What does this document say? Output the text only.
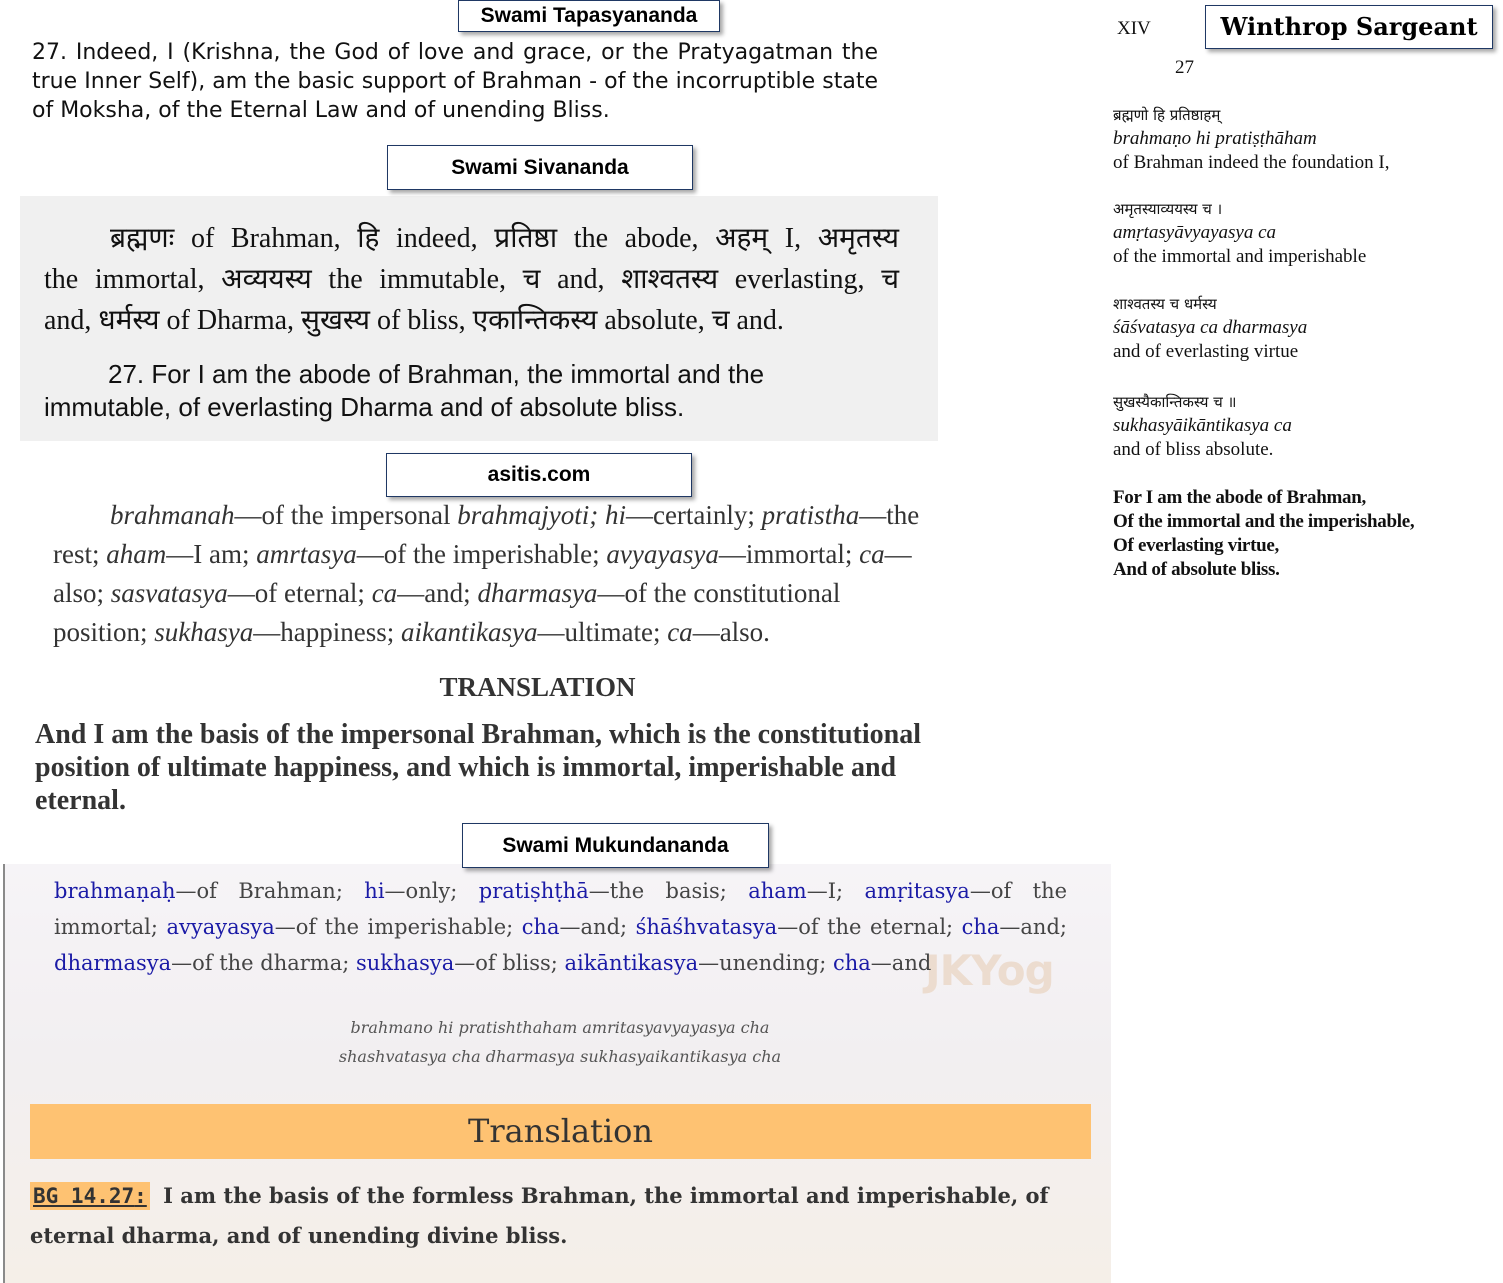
Swami Tapasyananda
27. Indeed, I (Krishna, the God of love and grace, or the Pratyagatman the true Inner Self), am the basic support of Brahman - of the incorruptible state of Moksha, of the Eternal Law and of unending Bliss.
Swami Sivananda
ब्रह्मणः of Brahman, हि indeed, प्रतिष्ठा the abode, अहम् I, अमृतस्य
the immortal, अव्ययस्य the immutable, च and, शाश्वतस्य everlasting, च
and, धर्मस्य of Dharma, सुखस्य of bliss, एकान्तिकस्य absolute, च and.
27. For I am the abode of Brahman, the immortal and the
immutable, of everlasting Dharma and of absolute bliss.
asitis.com
brahmanah—of the impersonal brahmajyoti; hi—certainly; pratistha—the
rest; aham—I am; amrtasya—of the imperishable; avyayasya—immortal; ca—
also; sasvatasya—of eternal; ca—and; dharmasya—of the constitutional
position; sukhasya—happiness; aikantikasya—ultimate; ca—also.
TRANSLATION
And I am the basis of the impersonal Brahman, which is the constitutional
position of ultimate happiness, and which is immortal, imperishable and
eternal.
JKYog
Swami Mukundananda
brahmaṇaḥ—of Brahman; hi—only; pratiṣhṭhā—the basis; aham—I; amṛitasya—of the
immortal; avyayasya—of the imperishable; cha—and; śhāśhvatasya—of the eternal; cha—and;
dharmasya—of the dharma; sukhasya—of bliss; aikāntikasya—unending; cha—and
brahmano hi pratishthaham amritasyavyayasya cha
shashvatasya cha dharmasya sukhasyaikantikasya cha
Translation
BG 14.27: I am the basis of the formless Brahman, the immortal and imperishable, of
eternal dharma, and of unending divine bliss.
XIV	Winthrop Sargeant
27
ब्रह्मणो हि प्रतिष्ठाहम्
brahmaṇo hi pratiṣṭhāham
of Brahman indeed the foundation I,
अमृतस्याव्ययस्य च ।
amṛtasyāvyayasya ca
of the immortal and imperishable
शाश्वतस्य च धर्मस्य
śāśvatasya ca dharmasya
and of everlasting virtue
सुखस्यैकान्तिकस्य च ॥
sukhasyāikāntikasya ca
and of bliss absolute.
For I am the abode of Brahman,
Of the immortal and the imperishable,
Of everlasting virtue,
And of absolute bliss.
